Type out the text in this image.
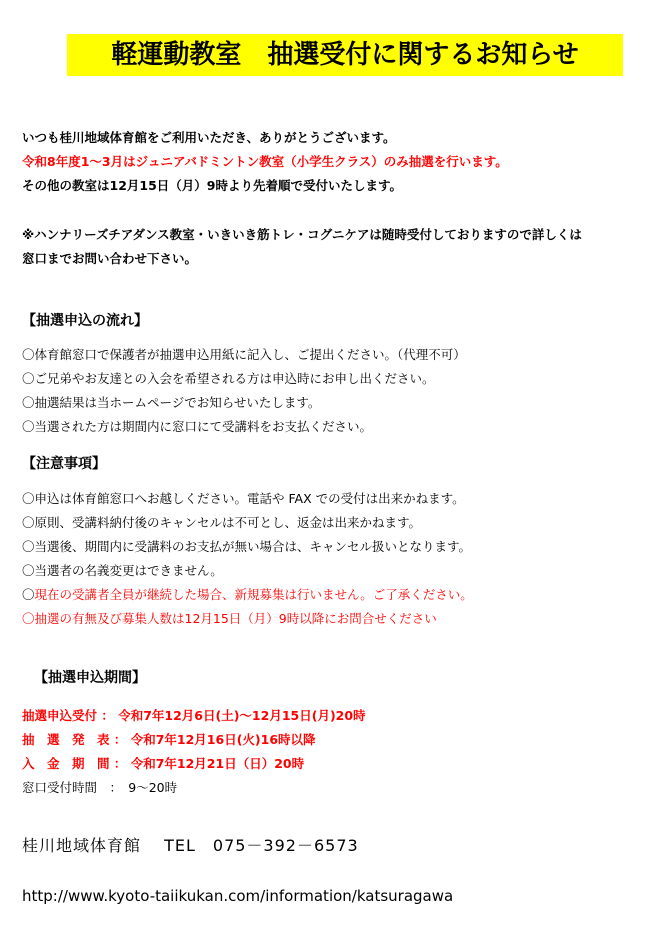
軽運動教室　抽選受付に関するお知らせ
いつも桂川地域体育館をご利用いただき、ありがとうございます。
令和8年度1～3月はジュニアバドミントン教室（小学生クラス）のみ抽選を行います。
その他の教室は12月15日（月）9時より先着順で受付いたします。
※ハンナリーズチアダンス教室・いきいき筋トレ・コグニケアは随時受付しておりますので詳しくは
窓口までお問い合わせ下さい。
【抽選申込の流れ】
〇体育館窓口で保護者が抽選申込用紙に記入し、ご提出ください。（代理不可）
〇ご兄弟やお友達との入会を希望される方は申込時にお申し出ください。
〇抽選結果は当ホームページでお知らせいたします。
〇当選された方は期間内に窓口にて受講料をお支払ください。
【注意事項】
〇申込は体育館窓口へお越しください。電話や FAX での受付は出来かねます。
〇原則、受講料納付後のキャンセルは不可とし、返金は出来かねます。
〇当選後、期間内に受講料のお支払が無い場合は、キャンセル扱いとなります。
〇当選者の名義変更はできません。
〇現在の受講者全員が継続した場合、新規募集は行いません。ご了承ください。
〇抽選の有無及び募集人数は12月15日（月）9時以降にお問合せください
【抽選申込期間】
抽選申込受付 ： 令和7年12月6日(土)～12月15日(月)20時
抽　選　発　表 ： 令和7年12月16日(火)16時以降
入　金　期　間 ： 令和7年12月21日（日）20時
窓口受付時間　：　9～20時
桂川地域体育館　 TEL　075－392－6573
http://www.kyoto-taiikukan.com/information/katsuragawa
